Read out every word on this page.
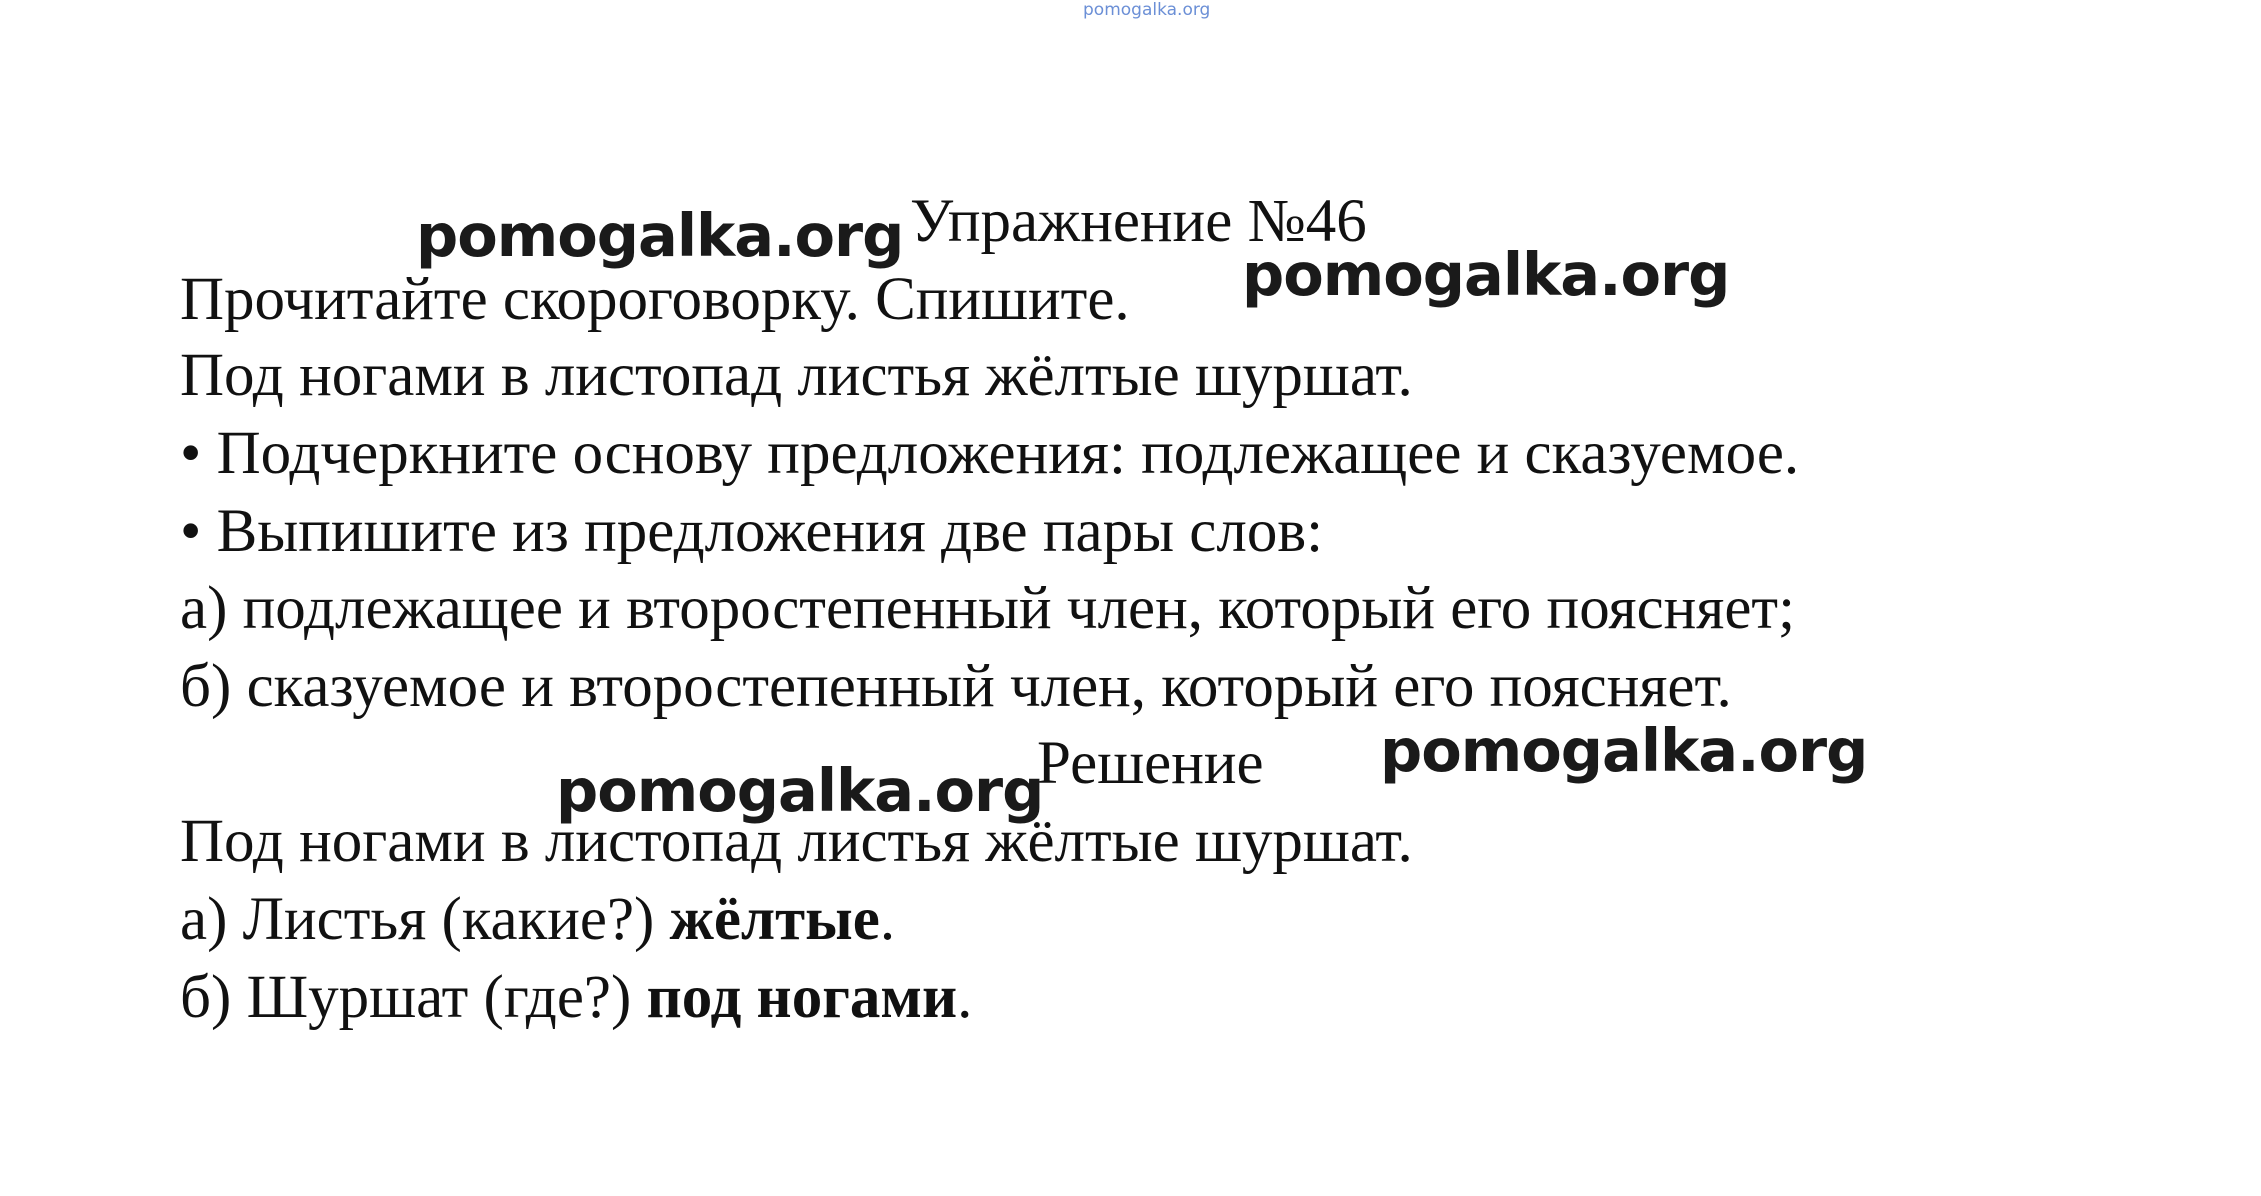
pomogalka.org
Упражнение №46
Прочитайте скороговорку. Спишите.
Под ногами в листопад листья жёлтые шуршат.
• Подчеркните основу предложения: подлежащее и сказуемое.
• Выпишите из предложения две пары слов:
а) подлежащее и второстепенный член, который его поясняет;
б) сказуемое и второстепенный член, который его поясняет.
Решение
Под ногами в листопад листья жёлтые шуршат.
а) Листья (какие?) жёлтые.
б) Шуршат (где?) под ногами.
pomogalka.org
pomogalka.org
pomogalka.org
pomogalka.org
